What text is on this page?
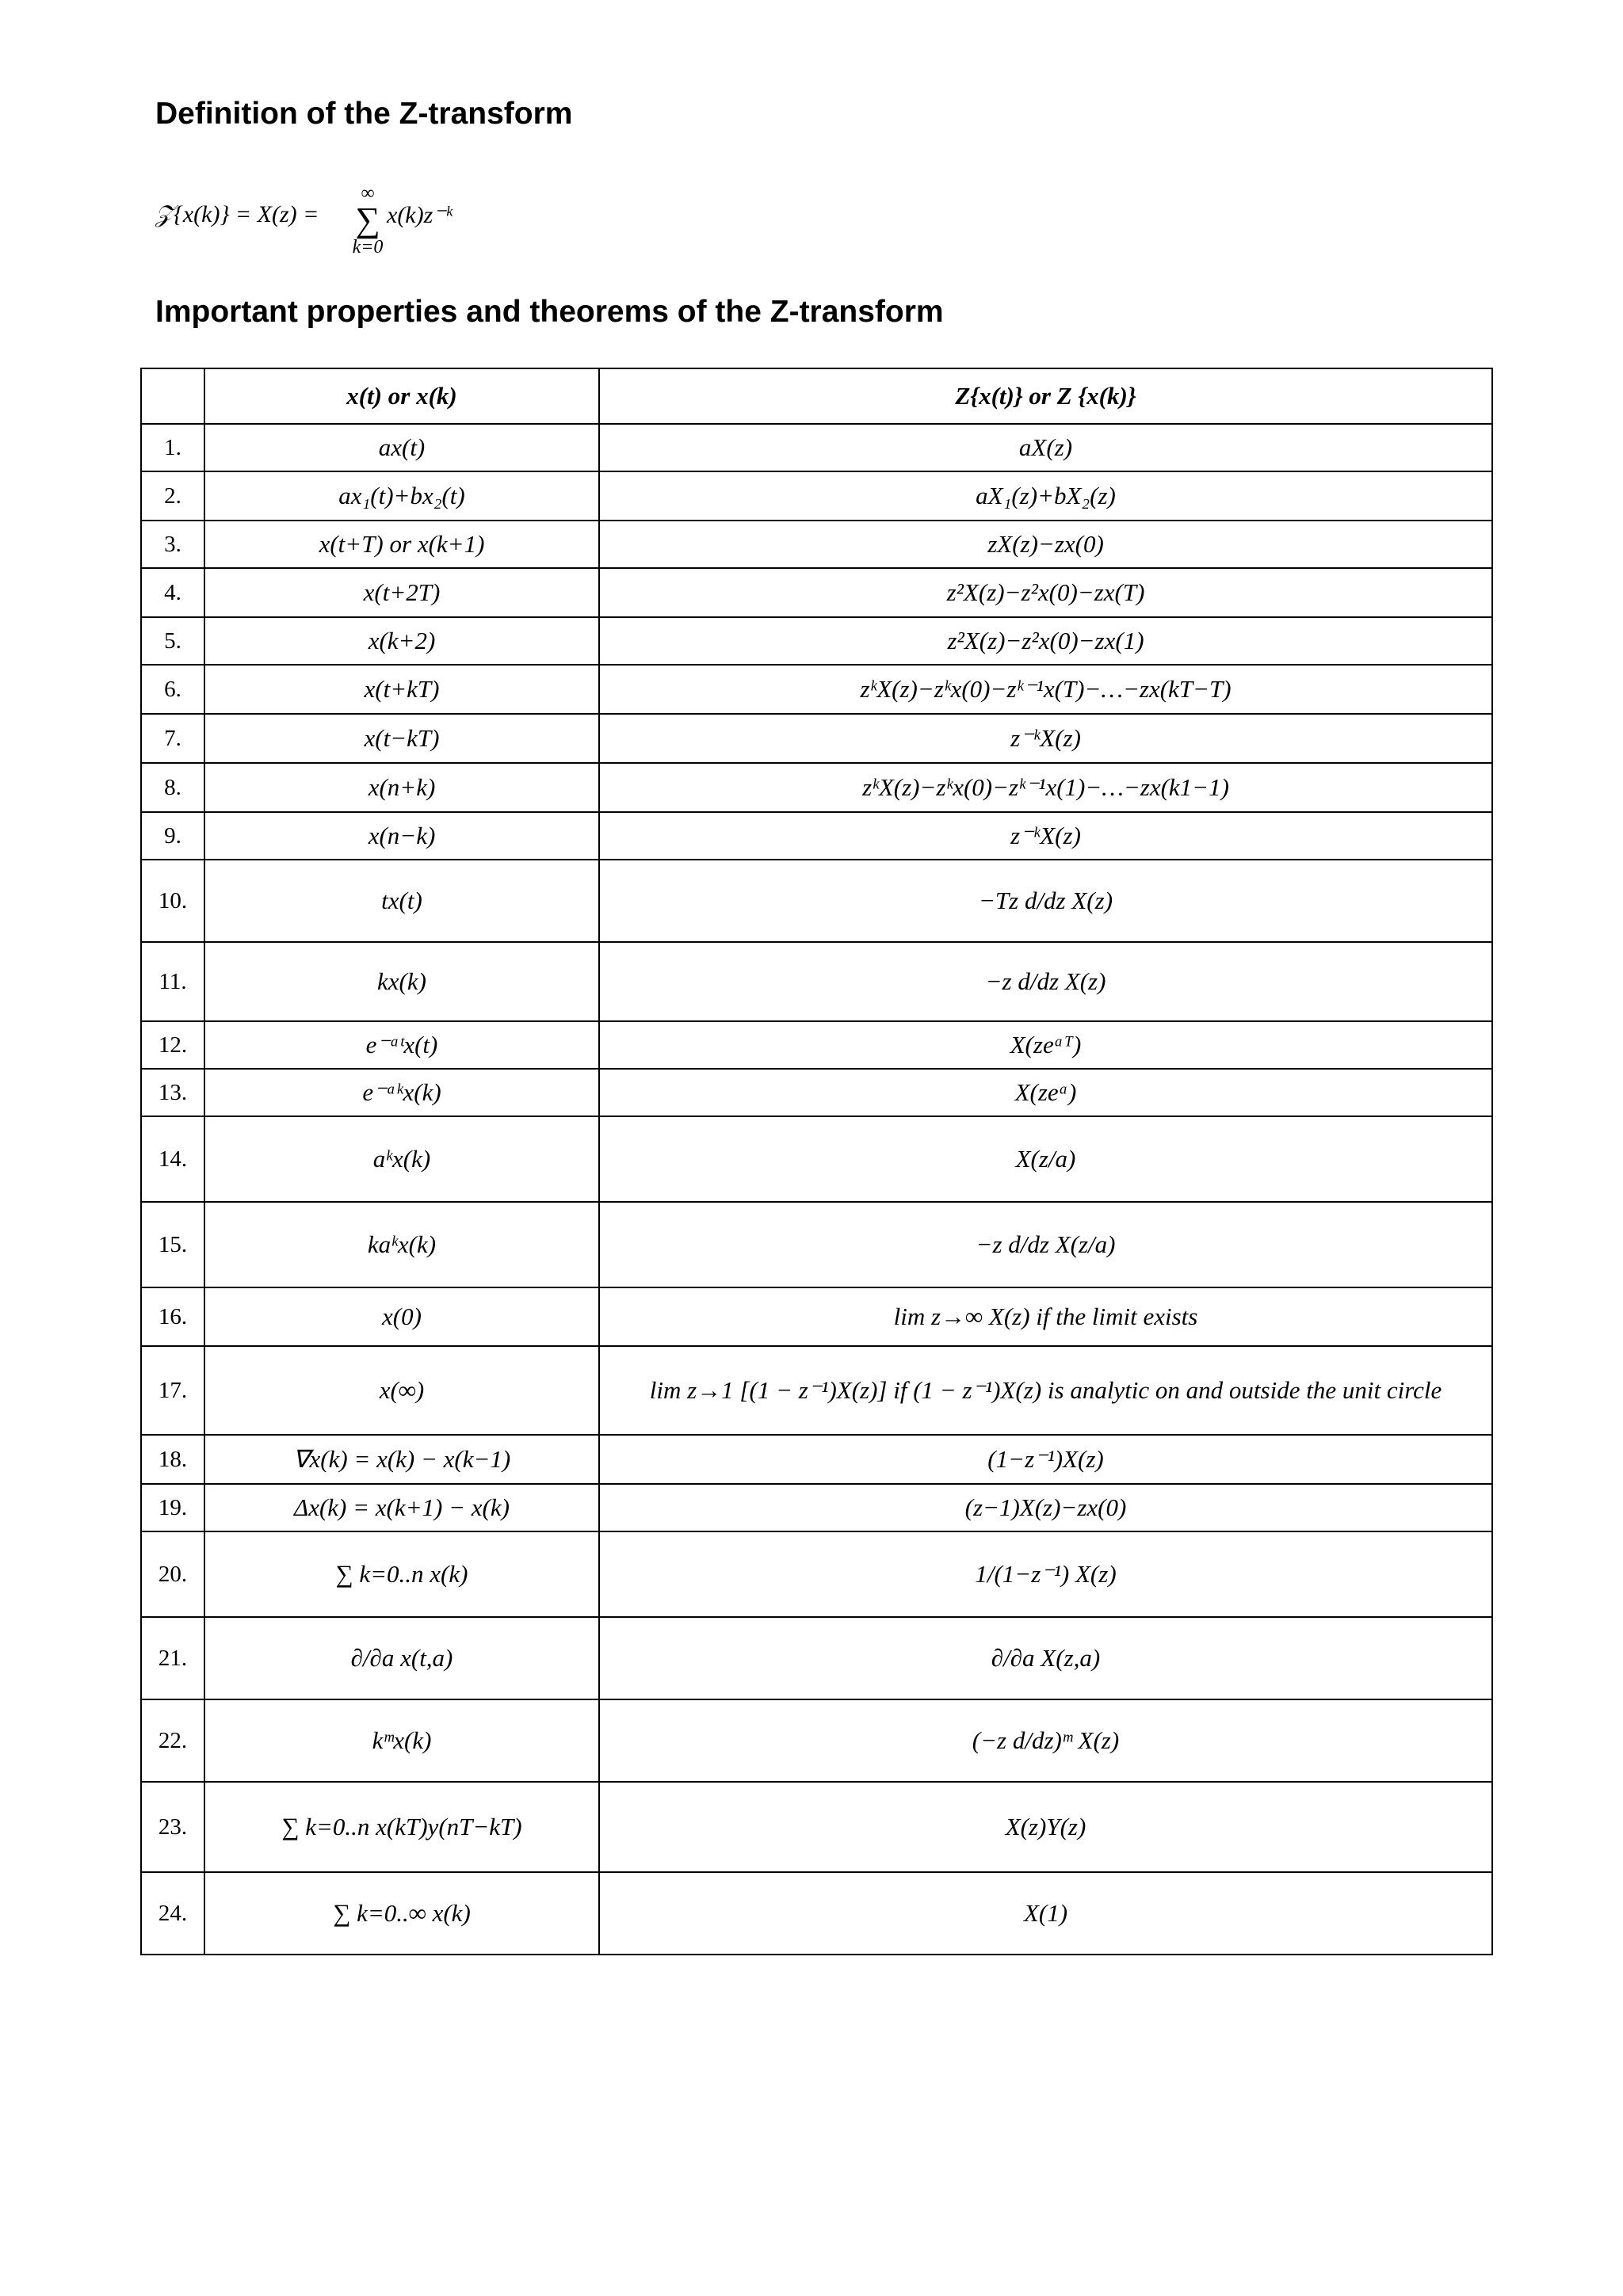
Definition of the Z-transform
𝒵{x(k)} = X(z) =
∞
∑
k=0
x(k)z⁻ᵏ
Important properties and theorems of the Z-transform
	x(t) or x(k)	Z{x(t)} or Z {x(k)}
1.	ax(t)	aX(z)
2.	ax₁(t)+bx₂(t)	aX₁(z)+bX₂(z)
3.	x(t+T) or x(k+1)	zX(z)−zx(0)
4.	x(t+2T)	z²X(z)−z²x(0)−zx(T)
5.	x(k+2)	z²X(z)−z²x(0)−zx(1)
6.	x(t+kT)	zᵏX(z)−zᵏx(0)−zᵏ⁻¹x(T)−…−zx(kT−T)
7.	x(t−kT)	z⁻ᵏX(z)
8.	x(n+k)	zᵏX(z)−zᵏx(0)−zᵏ⁻¹x(1)−…−zx(k1−1)
9.	x(n−k)	z⁻ᵏX(z)
10.	tx(t)	−Tz d/dz X(z)
11.	kx(k)	−z d/dz X(z)
12.	e⁻ᵃᵗx(t)	X(zeᵃᵀ)
13.	e⁻ᵃᵏx(k)	X(zeᵃ)
14.	aᵏx(k)	X(z/a)
15.	kaᵏx(k)	−z d/dz X(z/a)
16.	x(0)	lim z→∞ X(z) if the limit exists
17.	x(∞)	lim z→1 [(1 − z⁻¹)X(z)] if (1 − z⁻¹)X(z) is analytic on and outside the unit circle
18.	∇x(k) = x(k) − x(k−1)	(1−z⁻¹)X(z)
19.	Δx(k) = x(k+1) − x(k)	(z−1)X(z)−zx(0)
20.	∑ k=0..n x(k)	1/(1−z⁻¹) X(z)
21.	∂/∂a x(t,a)	∂/∂a X(z,a)
22.	kᵐx(k)	(−z d/dz)ᵐ X(z)
23.	∑ k=0..n x(kT)y(nT−kT)	X(z)Y(z)
24.	∑ k=0..∞ x(k)	X(1)
